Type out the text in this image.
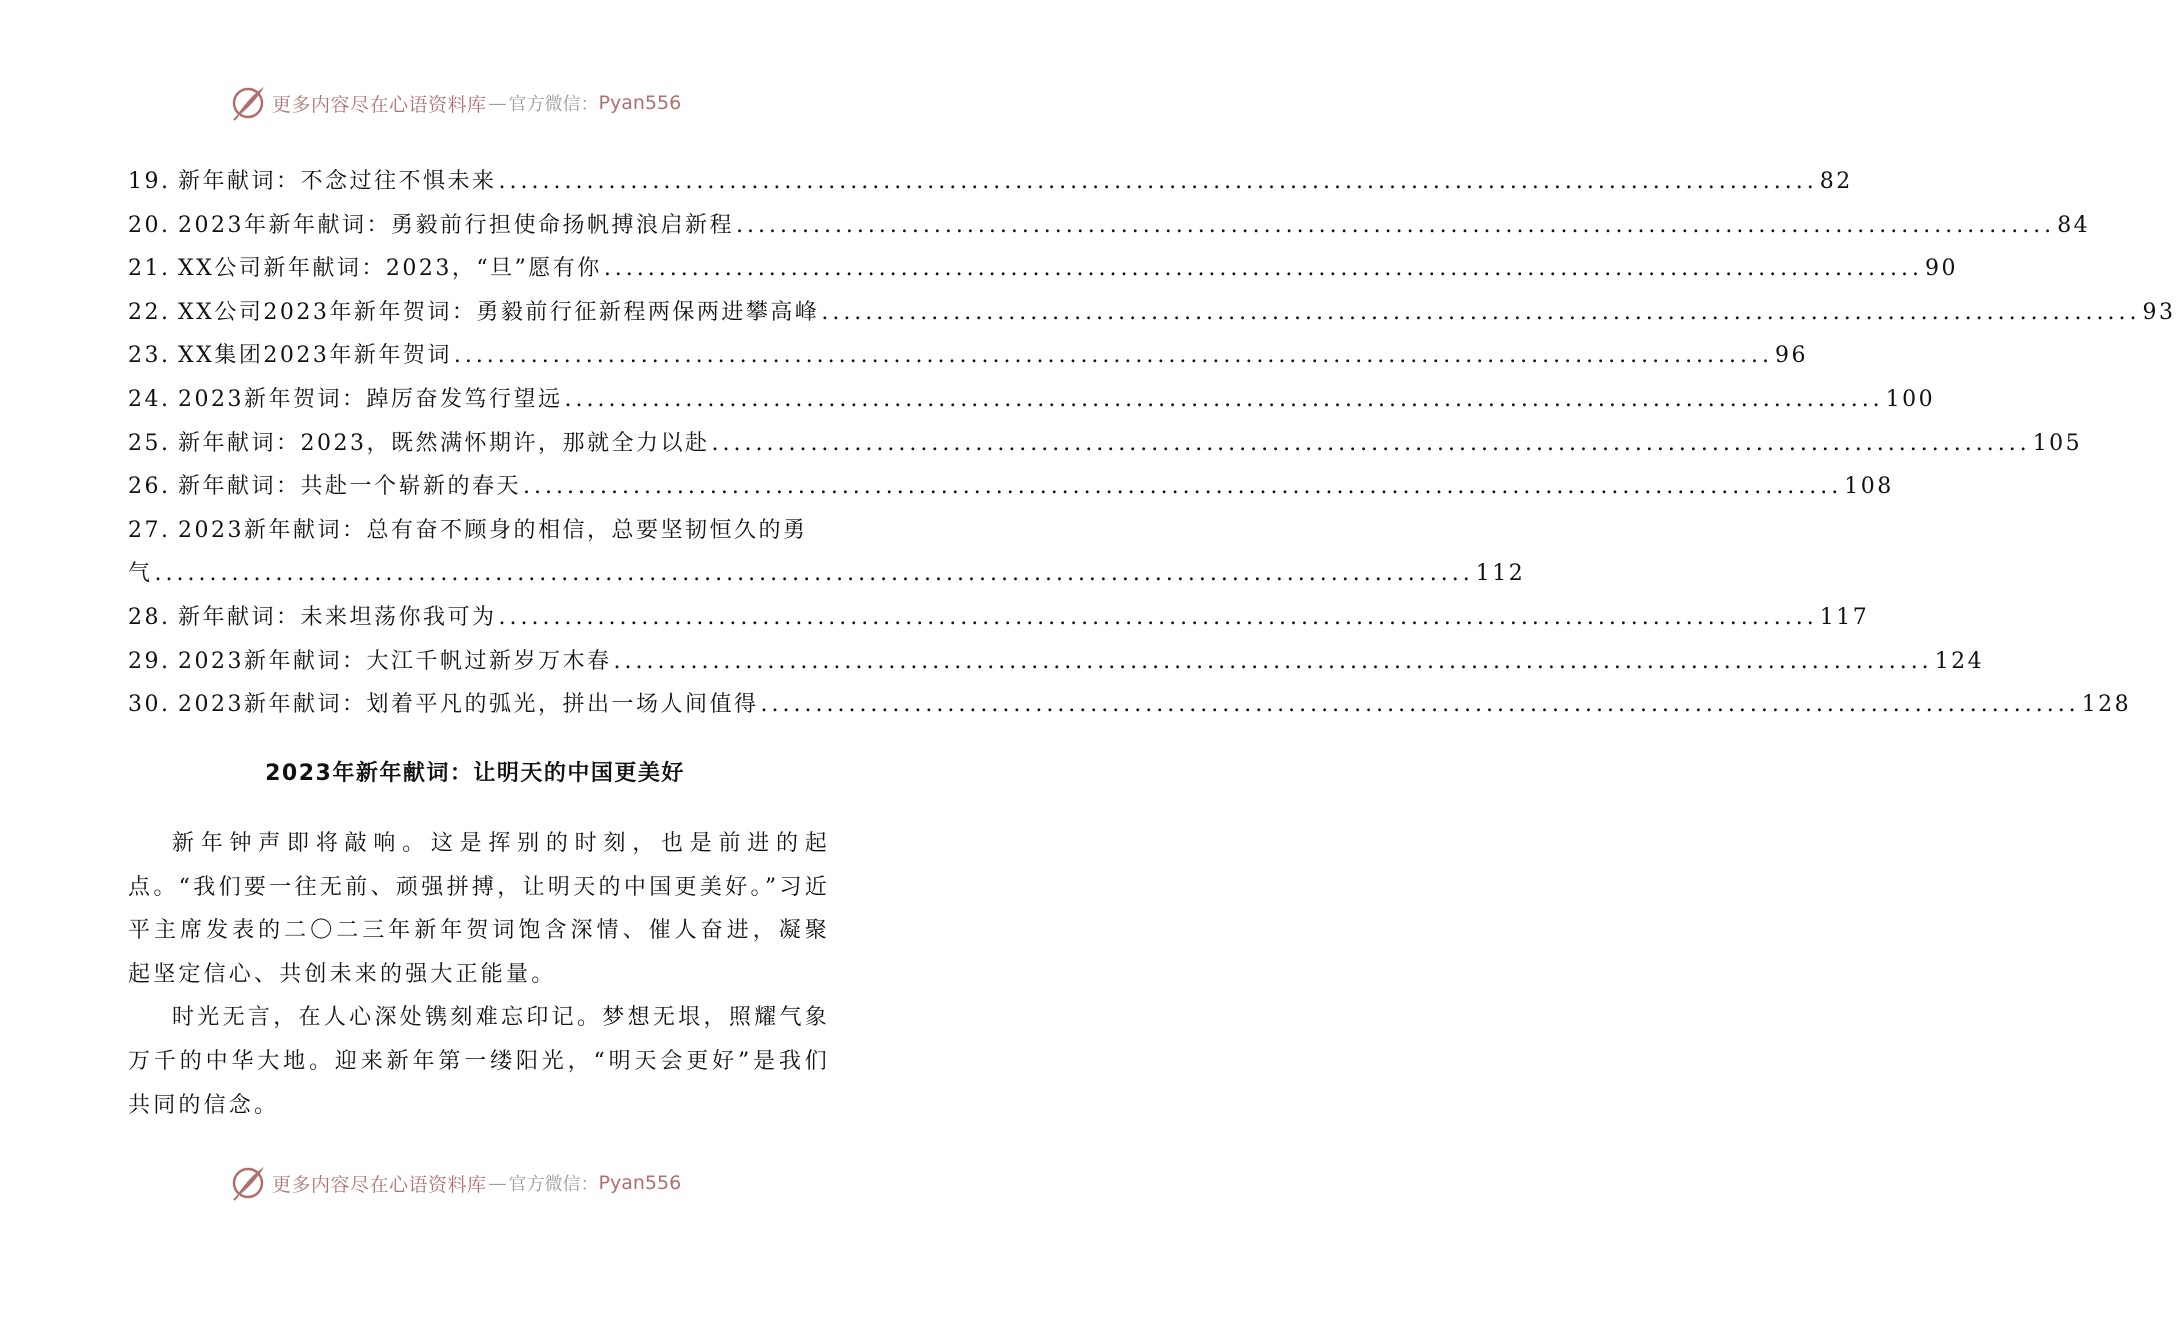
更多内容尽在心语资料库 — 官方微信： Pyan556
19. 新年献词：不念过往不惧未来 ........................................................................................................................ 82
20. 2023年新年献词：勇毅前行担使命扬帆搏浪启新程 ........................................................................................................................ 84
21. XX公司新年献词：2023，“旦”愿有你 ........................................................................................................................ 90
22. XX公司2023年新年贺词：勇毅前行征新程两保两进攀高峰 ........................................................................................................................ 93
23. XX集团2023年新年贺词 ........................................................................................................................ 96
24. 2023新年贺词：踔厉奋发笃行望远 ........................................................................................................................ 100
25. 新年献词：2023，既然满怀期许，那就全力以赴 ........................................................................................................................ 105
26. 新年献词：共赴一个崭新的春天 ........................................................................................................................ 108
27. 2023新年献词：总有奋不顾身的相信，总要坚韧恒久的勇
气 ........................................................................................................................ 112
28. 新年献词：未来坦荡你我可为 ........................................................................................................................ 117
29. 2023新年献词：大江千帆过新岁万木春 ........................................................................................................................ 124
30. 2023新年献词：划着平凡的弧光，拼出一场人间值得 ........................................................................................................................ 128
2023年新年献词：让明天的中国更美好

新年钟声即将敲响。这是挥别的时刻，也是前进的起点。“我们要一往无前、顽强拼搏，让明天的中国更美好。”习近平主席发表的二〇二三年新年贺词饱含深情、催人奋进，凝聚起坚定信心、共创未来的强大正能量。

时光无言，在人心深处镌刻难忘印记。梦想无垠，照耀气象万千的中华大地。迎来新年第一缕阳光，“明天会更好”是我们共同的信念。

更多内容尽在心语资料库 — 官方微信： Pyan556
